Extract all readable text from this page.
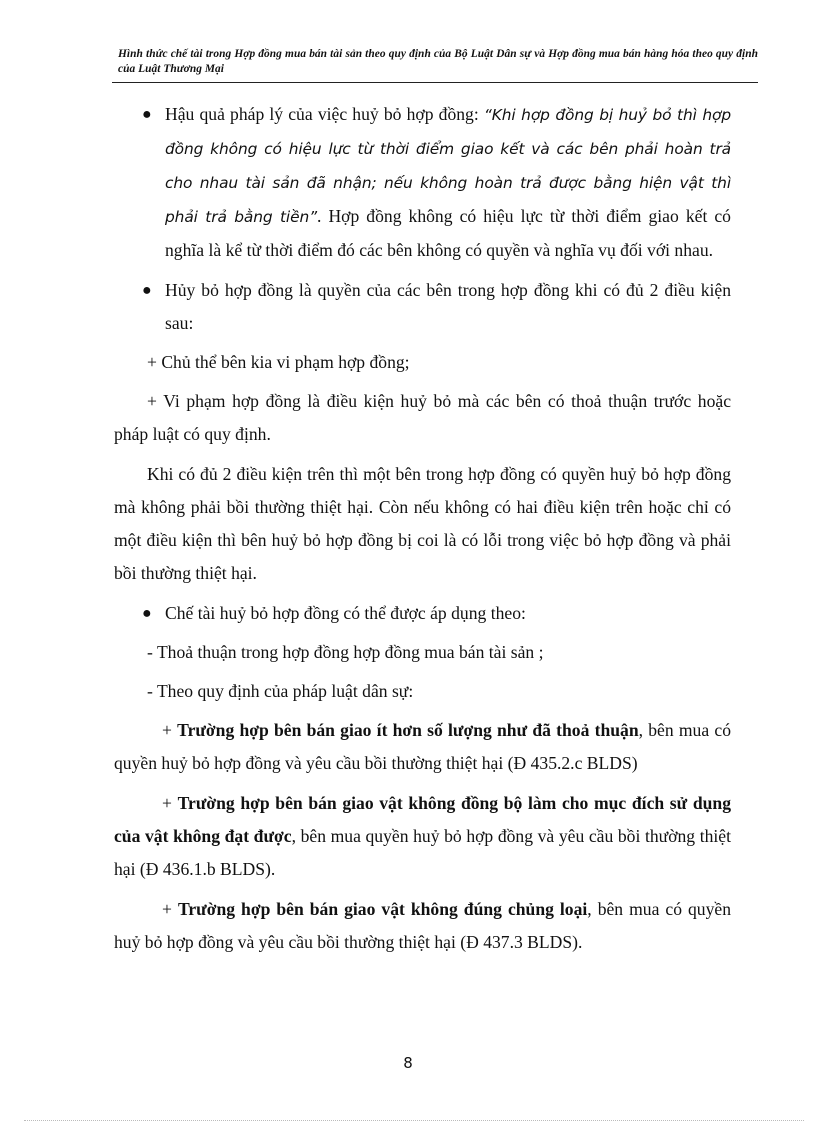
Hình thức chế tài trong Hợp đồng mua bán tài sản theo quy định của Bộ Luật Dân sự và Hợp đồng mua bán hàng hóa theo quy định của Luật Thương Mại

● Hậu quả pháp lý của việc huỷ bỏ hợp đồng: “Khi hợp đồng bị huỷ bỏ thì hợp đồng không có hiệu lực từ thời điểm giao kết và các bên phải hoàn trả cho nhau tài sản đã nhận; nếu không hoàn trả được bằng hiện vật thì phải trả bằng tiền”. Hợp đồng không có hiệu lực từ thời điểm giao kết có nghĩa là kể từ thời điểm đó các bên không có quyền và nghĩa vụ đối với nhau.

● Hủy bỏ hợp đồng là quyền của các bên trong hợp đồng khi có đủ 2 điều kiện sau:

+ Chủ thể bên kia vi phạm hợp đồng;

+ Vi phạm hợp đồng là điều kiện huỷ bỏ mà các bên có thoả thuận trước hoặc pháp luật có quy định.

Khi có đủ 2 điều kiện trên thì một bên trong hợp đồng có quyền huỷ bỏ hợp đồng mà không phải bồi thường thiệt hại. Còn nếu không có hai điều kiện trên hoặc chỉ có một điều kiện thì bên huỷ bỏ hợp đồng bị coi là có lỗi trong việc bỏ hợp đồng và phải bồi thường thiệt hại.

● Chế tài huỷ bỏ hợp đồng có thể được áp dụng theo:

- Thoả thuận trong hợp đồng hợp đồng mua bán tài sản ;

- Theo quy định của pháp luật dân sự:

+ Trường hợp bên bán giao ít hơn số lượng như đã thoả thuận, bên mua có quyền huỷ bỏ hợp đồng và yêu cầu bồi thường thiệt hại (Đ 435.2.c BLDS)

+ Trường hợp bên bán giao vật không đồng bộ làm cho mục đích sử dụng của vật không đạt được, bên mua quyền huỷ bỏ hợp đồng và yêu cầu bồi thường thiệt hại (Đ 436.1.b BLDS).

+ Trường hợp bên bán giao vật không đúng chủng loại, bên mua có quyền huỷ bỏ hợp đồng và yêu cầu bồi thường thiệt hại (Đ 437.3 BLDS).

8
